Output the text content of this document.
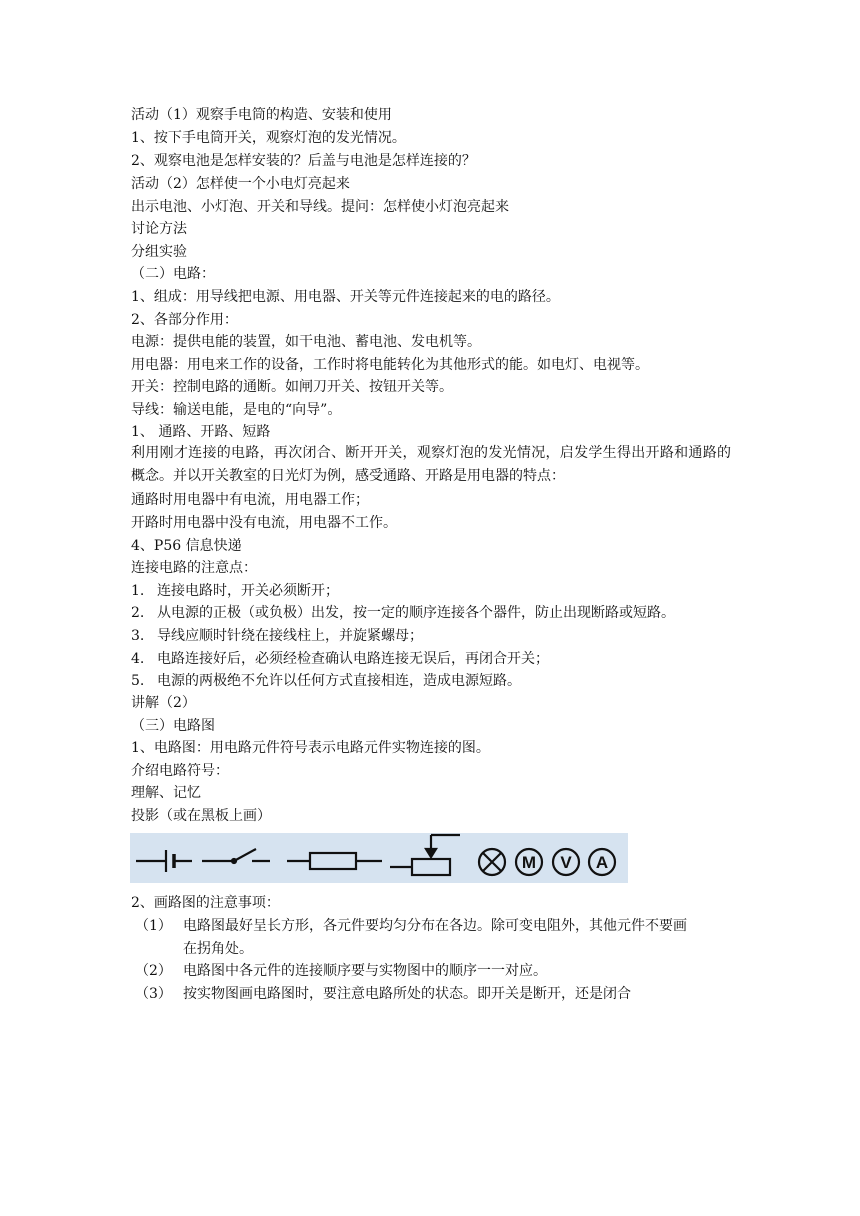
活动（1）观察手电筒的构造、安装和使用
1、按下手电筒开关，观察灯泡的发光情况。
2、观察电池是怎样安装的？后盖与电池是怎样连接的？
活动（2）怎样使一个小电灯亮起来
出示电池、小灯泡、开关和导线。提问：怎样使小灯泡亮起来
讨论方法
分组实验
（二）电路：
1、组成：用导线把电源、用电器、开关等元件连接起来的电的路径。
2、各部分作用：
电源：提供电能的装置，如干电池、蓄电池、发电机等。
用电器：用电来工作的设备，工作时将电能转化为其他形式的能。如电灯、电视等。
开关：控制电路的通断。如闸刀开关、按钮开关等。
导线：输送电能，是电的“向导”。
1、 通路、开路、短路
利用刚才连接的电路，再次闭合、断开开关，观察灯泡的发光情况，启发学生得出开路和通路的概念。并以开关教室的日光灯为例，感受通路、开路是用电器的特点：
通路时用电器中有电流，用电器工作；
开路时用电器中没有电流，用电器不工作。
4、P56 信息快递
连接电路的注意点：
1. 连接电路时，开关必须断开；
2. 从电源的正极（或负极）出发，按一定的顺序连接各个器件，防止出现断路或短路。
3. 导线应顺时针绕在接线柱上，并旋紧螺母；
4. 电路连接好后，必须经检查确认电路连接无误后，再闭合开关；
5. 电源的两极绝不允许以任何方式直接相连，造成电源短路。
讲解（2）
（三）电路图
1、电路图：用电路元件符号表示电路元件实物连接的图。
介绍电路符号：
理解、记忆
投影（或在黑板上画）
M V A
2、画路图的注意事项：
（1） 电路图最好呈长方形，各元件要均匀分布在各边。除可变电阻外，其他元件不要画
在拐角处。
（2） 电路图中各元件的连接顺序要与实物图中的顺序一一对应。
（3） 按实物图画电路图时，要注意电路所处的状态。即开关是断开，还是闭合
